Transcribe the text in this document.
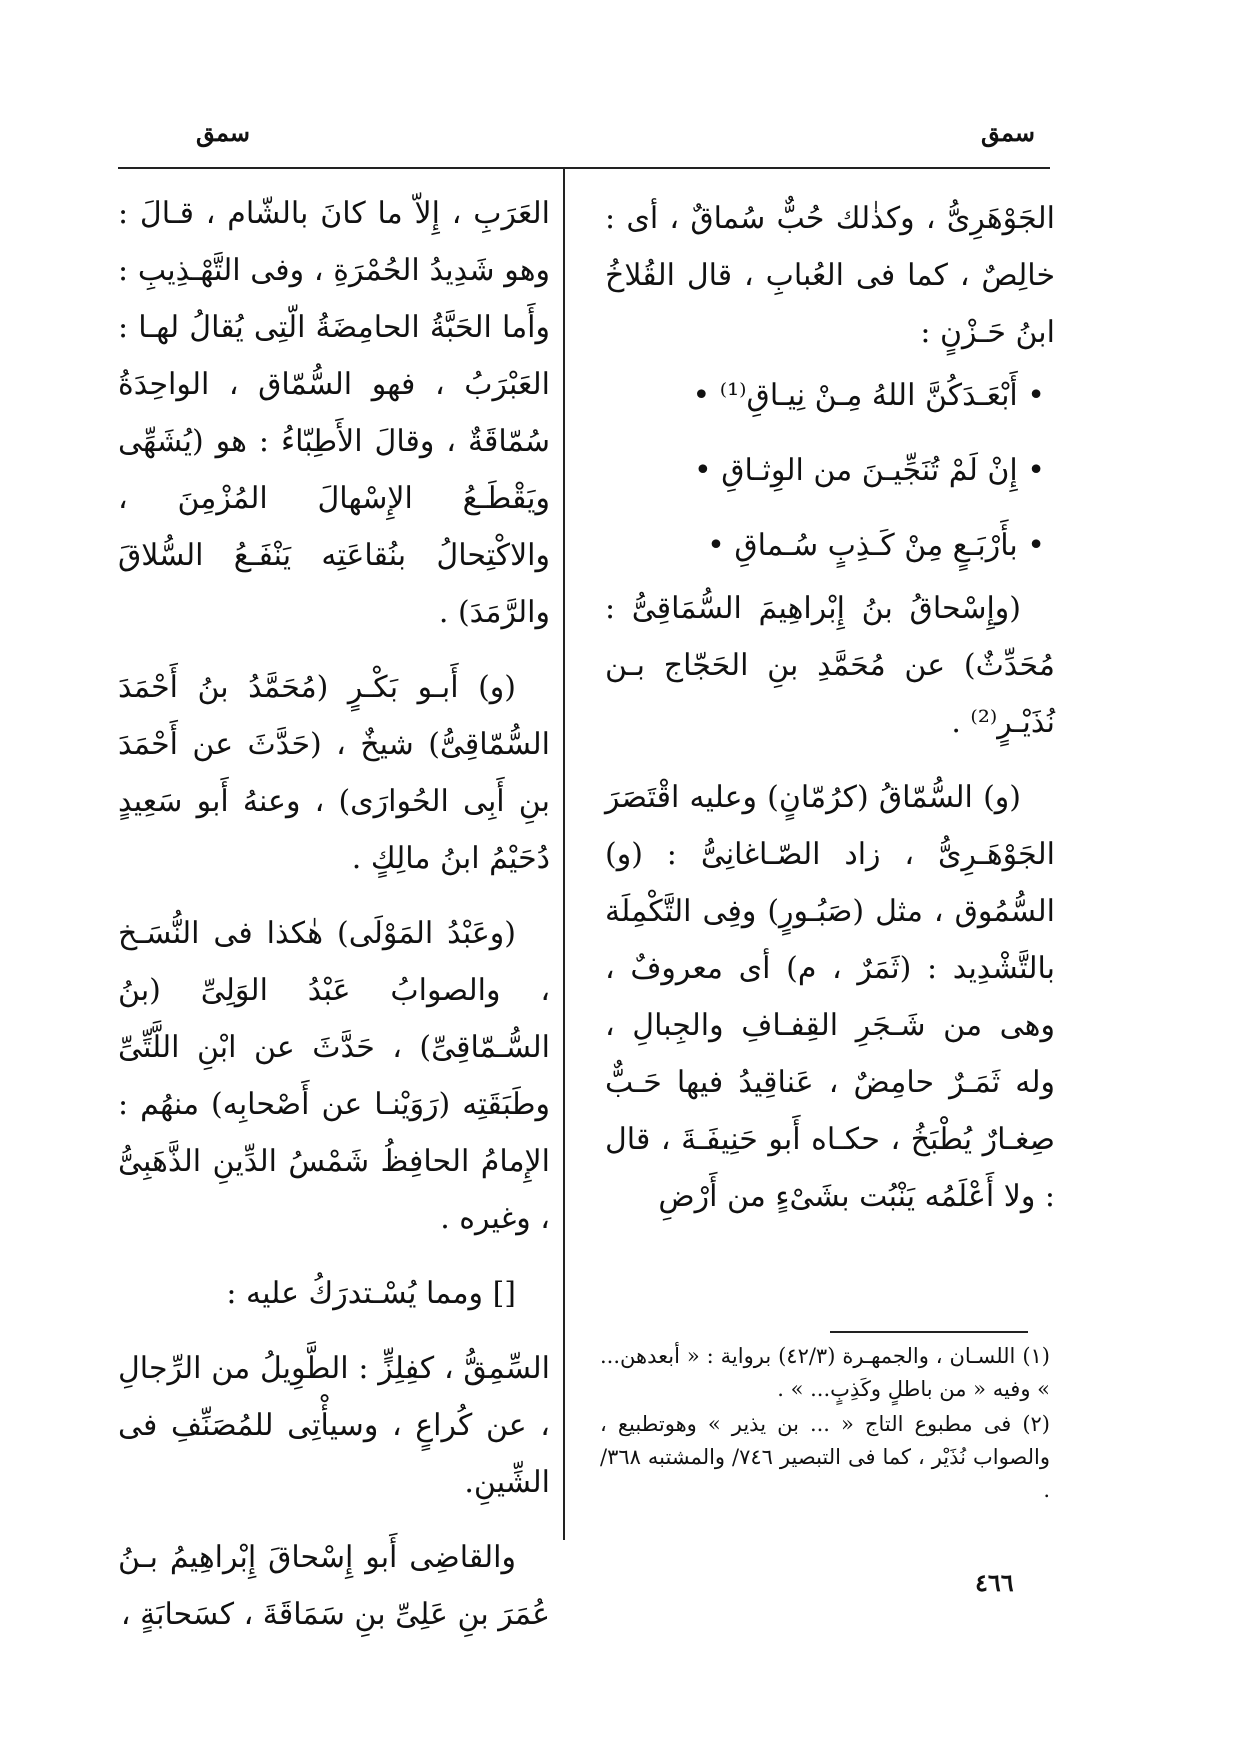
سمق
سمق

الجَوْهَرِىُّ ، وكذٰلك حُبٌّ سُماقٌ ، أى : خالِصٌ ، كما فى العُبابِ ، قال القُلاخُ ابنُ حَـزْنٍ :

• أَبْعَـدَكُنَّ اللهُ مِـنْ نِيـاقِ⁽¹⁾ •
• إِنْ لَمْ تُنَجِّيـنَ من الوِثـاقِ •
• بأَرْبَـعٍ مِنْ كَـذِبٍ سُـماقِ •

(وإِسْحاقُ بنُ إِبْراهِيمَ السُّمَاقِىُّ : مُحَدِّثٌ) عن مُحَمَّدِ بنِ الحَجّاج بـن نُذَيْـرٍ⁽²⁾ .

(و) السُّمّاقُ (كرُمّانٍ) وعليه اقْتَصَرَ الجَوْهَـرِىُّ ، زاد الصّـاغانِىُّ : (و) السُّمُوق ، مثل (صَبُـورٍ) وفِى التَّكْمِلَة بالتَّشْدِيد : (ثَمَرٌ ، م) أى معروفٌ ، وهى من شَـجَرِ القِفـافِ والجِبالِ ، وله ثَمَـرٌ حامِضٌ ، عَناقِيدُ فيها حَـبٌّ صِغـارٌ يُطْبَخُ ، حكـاه أَبو حَنِيفَـةَ ، قال : ولا أَعْلَمُه يَنْبُت بشَىْءٍ من أَرْضِ

العَرَبِ ، إِلاّ ما كانَ بالشّام ، قـالَ : وهو شَدِيدُ الحُمْرَةِ ، وفى التَّهْـذِيبِ : وأَما الحَبَّةُ الحامِضَةُ الّتِى يُقالُ لهـا : العَبْرَبُ ، فهو السُّمّاق ، الواحِدَةُ سُمّاقَةٌ ، وقالَ الأَطِبّاءُ : هو (يُشَهِّى ويَقْطَـعُ الإِسْهالَ المُزْمِنَ ، والاكْتِحالُ بنُقاعَتِه يَنْفَـعُ السُّلاقَ والرَّمَدَ) .

(و) أَبـو بَكْـرٍ (مُحَمَّدُ بنُ أَحْمَدَ السُّمّاقِىُّ) شيخٌ ، (حَدَّثَ عن أَحْمَدَ بنِ أَبِى الحُوارَى) ، وعنهُ أَبو سَعِيدٍ دُحَيْمُ ابنُ مالِكٍ .

(وعَبْدُ المَوْلَى) هٰكذا فى النُّسَـخ ، والصوابُ عَبْدُ الوَلِىِّ (بنُ السُّـمّاقِىِّ) ، حَدَّثَ عن ابْنِ اللَّتِّىِّ وطَبَقَتِه (رَوَيْنـا عن أَصْحابِه) منهُم : الإِمامُ الحافِظُ شَمْسُ الدِّينِ الذَّهَبِىُّ ، وغيره .

[] ومما يُسْـتدرَكُ عليه :

السِّمِقُّ ، كفِلِزٍّ : الطَّوِيلُ من الرِّجالِ ، عن كُراعٍ ، وسيأْتِى للمُصَنِّفِ فى الشِّينِ.

والقاضِى أَبو إِسْحاقَ إِبْراهِيمُ بـنُ عُمَرَ بنِ عَلِىِّ بنِ سَمَاقَةَ ، كسَحابَةٍ ،

(١) اللسـان ، والجمهـرة (٤٢/٣) برواية : « أبعدهن... » وفيه « من باطلٍ وكَذِبٍ... » .

(٢) فى مطبوع التاج « ... بن يذير » وهوتطبيع ، والصواب نُذَيْر ، كما فى التبصير ٧٤٦/ والمشتبه ٣٦٨/ .

٤٦٦
